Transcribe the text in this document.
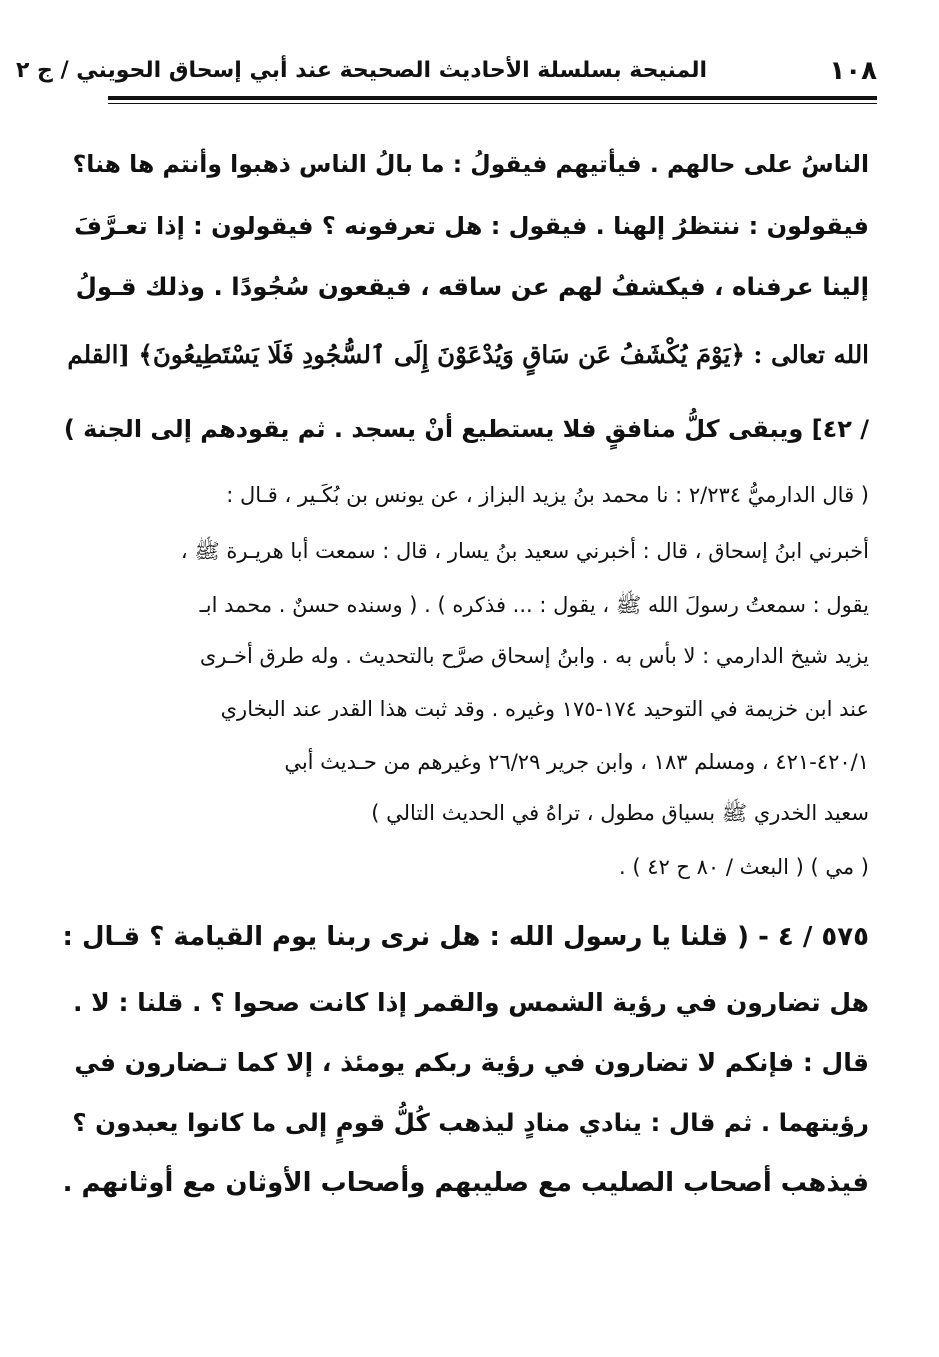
١٠٨
المنيحة بسلسلة الأحاديث الصحيحة عند أبي إسحاق الحويني / ج ٢
الناسُ على حالهم . فيأتيهم فيقولُ : ما بالُ الناس ذهبوا وأنتم ها هنا؟
فيقولون : ننتظرُ إلهنا . فيقول : هل تعرفونه ؟ فيقولون : إذا تعـرَّفَ
إلينا عرفناه ، فيكشفُ لهم عن ساقه ، فيقعون سُجُودًا . وذلك قـولُ
الله تعالى : ﴿يَوْمَ يُكْشَفُ عَن سَاقٍ وَيُدْعَوْنَ إِلَى ٱلسُّجُودِ فَلَا يَسْتَطِيعُونَ﴾ [القلم
/ ٤٢] ويبقى كلُّ منافقٍ فلا يستطيع أنْ يسجد . ثم يقودهم إلى الجنة )
( قال الدارميُّ ٢/٢٣٤ : نا محمد بنُ يزيد البزاز ، عن يونس بن بُكَـير ، قـال :
أخبرني ابنُ إسحاق ، قال : أخبرني سعيد بنُ يسار ، قال : سمعت أبا هريـرة ﷺ ،
يقول : سمعتُ رسولَ الله ﷺ ، يقول : ... فذكره ) . ( وسنده حسنٌ . محمد ابـ
يزيد شيخ الدارمي : لا بأس به . وابنُ إسحاق صرَّح بالتحديث . وله طرق أخـرى
عند ابن خزيمة في التوحيد ١٧٤-١٧٥ وغيره . وقد ثبت هذا القدر عند البخاري
٤٢٠/١-٤٢١ ، ومسلم ١٨٣ ، وابن جرير ٢٦/٢٩ وغيرهم من حـديث أبي
سعيد الخدري ﷺ بسياق مطول ، تراهُ في الحديث التالي )
( مي ) ( البعث / ٨٠ ح ٤٢ ) .
٥٧٥ / ٤ - ( قلنا يا رسول الله : هل نرى ربنا يوم القيامة ؟ قـال :
هل تضارون في رؤية الشمس والقمر إذا كانت صحوا ؟ . قلنا : لا .
قال : فإنكم لا تضارون في رؤية ربكم يومئذ ، إلا كما تـضارون في
رؤيتهما . ثم قال : ينادي منادٍ ليذهب كُلُّ قومٍ إلى ما كانوا يعبدون ؟
فيذهب أصحاب الصليب مع صليبهم وأصحاب الأوثان مع أوثانهم .
